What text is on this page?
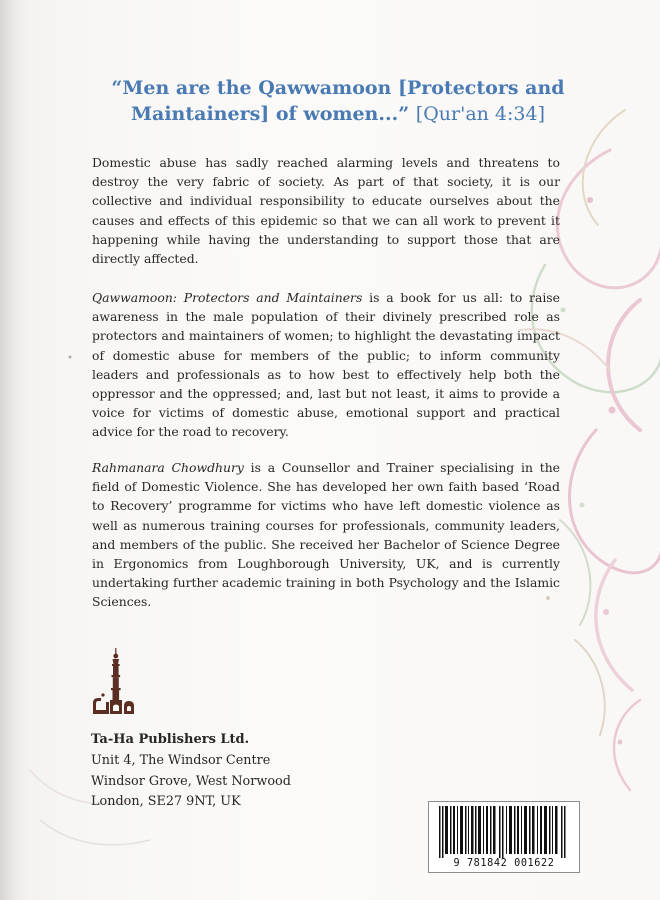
“Men are the Qawwamoon [Protectors and Maintainers] of women...” [Qur'an 4:34]

Domestic abuse has sadly reached alarming levels and threatens to destroy the very fabric of society. As part of that society, it is our collective and individual responsibility to educate ourselves about the causes and effects of this epidemic so that we can all work to prevent it happening while having the understanding to support those that are directly affected.

Qawwamoon: Protectors and Maintainers is a book for us all: to raise awareness in the male population of their divinely prescribed role as protectors and maintainers of women; to highlight the devastating impact of domestic abuse for members of the public; to inform community leaders and professionals as to how best to effectively help both the oppressor and the oppressed; and, last but not least, it aims to provide a voice for victims of domestic abuse, emotional support and practical advice for the road to recovery.

Rahmanara Chowdhury is a Counsellor and Trainer specialising in the field of Domestic Violence. She has developed her own faith based ‘Road to Recovery’ programme for victims who have left domestic violence as well as numerous training courses for professionals, community leaders, and members of the public. She received her Bachelor of Science Degree in Ergonomics from Loughborough University, UK, and is currently undertaking further academic training in both Psychology and the Islamic Sciences.

Ta-Ha Publishers Ltd.
Unit 4, The Windsor Centre
Windsor Grove, West Norwood
London, SE27 9NT, UK
9 781842 001622
